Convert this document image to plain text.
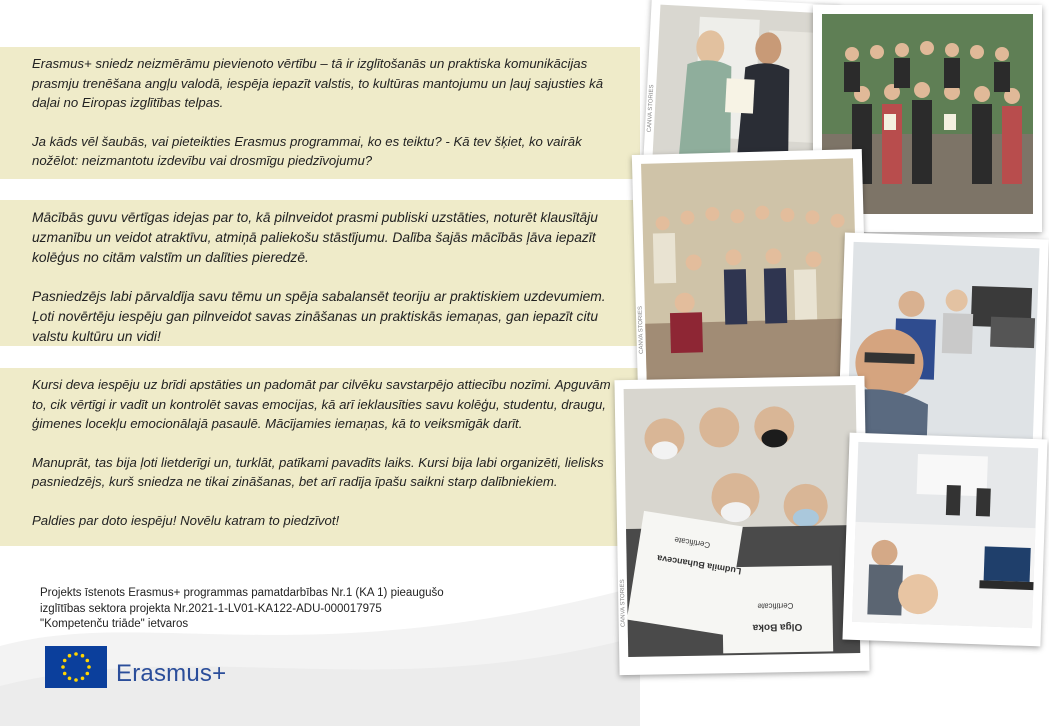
Erasmus+ sniedz neizmērāmu pievienoto vērtību – tā ir izglītošanās un praktiska komunikācijas prasmju trenēšana angļu valodā, iespēja iepazīt valstis, to kultūras mantojumu un ļauj sajusties kā daļai no Eiropas izglītības telpas.

Ja kāds vēl šaubās, vai pieteikties Erasmus programmai, ko es teiktu? - Kā tev šķiet, ko vairāk nožēlot: neizmantotu izdevību vai drosmīgu piedzīvojumu?

Mācībās guvu vērtīgas idejas par to, kā pilnveidot prasmi publiski uzstāties, noturēt klausītāju uzmanību un veidot atraktīvu, atmiņā paliekošu stāstījumu. Dalība šajās mācībās ļāva iepazīt kolēģus no citām valstīm un dalīties pieredzē.

Pasniedzējs labi pārvaldīja savu tēmu un spēja sabalansēt teoriju ar praktiskiem uzdevumiem. Ļoti novērtēju iespēju gan pilnveidot savas zināšanas un praktiskās iemaņas, gan iepazīt citu valstu kultūru un vidi!

Kursi deva iespēju uz brīdi apstāties un padomāt par cilvēku savstarpējo attiecību nozīmi. Apguvām to, cik vērtīgi ir vadīt un kontrolēt savas emocijas, kā arī ieklausīties savu kolēģu, studentu, draugu, ģimenes locekļu emocionālajā pasaulē. Mācījamies iemaņas, kā to veiksmīgāk darīt.

Manuprāt, tas bija ļoti lietderīgi un, turklāt, patīkami pavadīts laiks. Kursi bija labi organizēti, lielisks pasniedzējs, kurš sniedza ne tikai zināšanas, bet arī radīja īpašu saikni starp dalībniekiem.

Paldies par doto iespēju! Novēlu katram to piedzīvot!

Projekts īstenots Erasmus+ programmas pamatdarbības Nr.1 (KA 1) pieaugušo
izglītības sektora projekta Nr.2021-1-LV01-KA122-ADU-000017975
"Kompetenču triāde" ietvaros
Erasmus+
CANVA STORIES
CANVA STORIES
Certificate
Ludmila Buhanceva
Certificate
Olga Boka
CANVA STORIES
